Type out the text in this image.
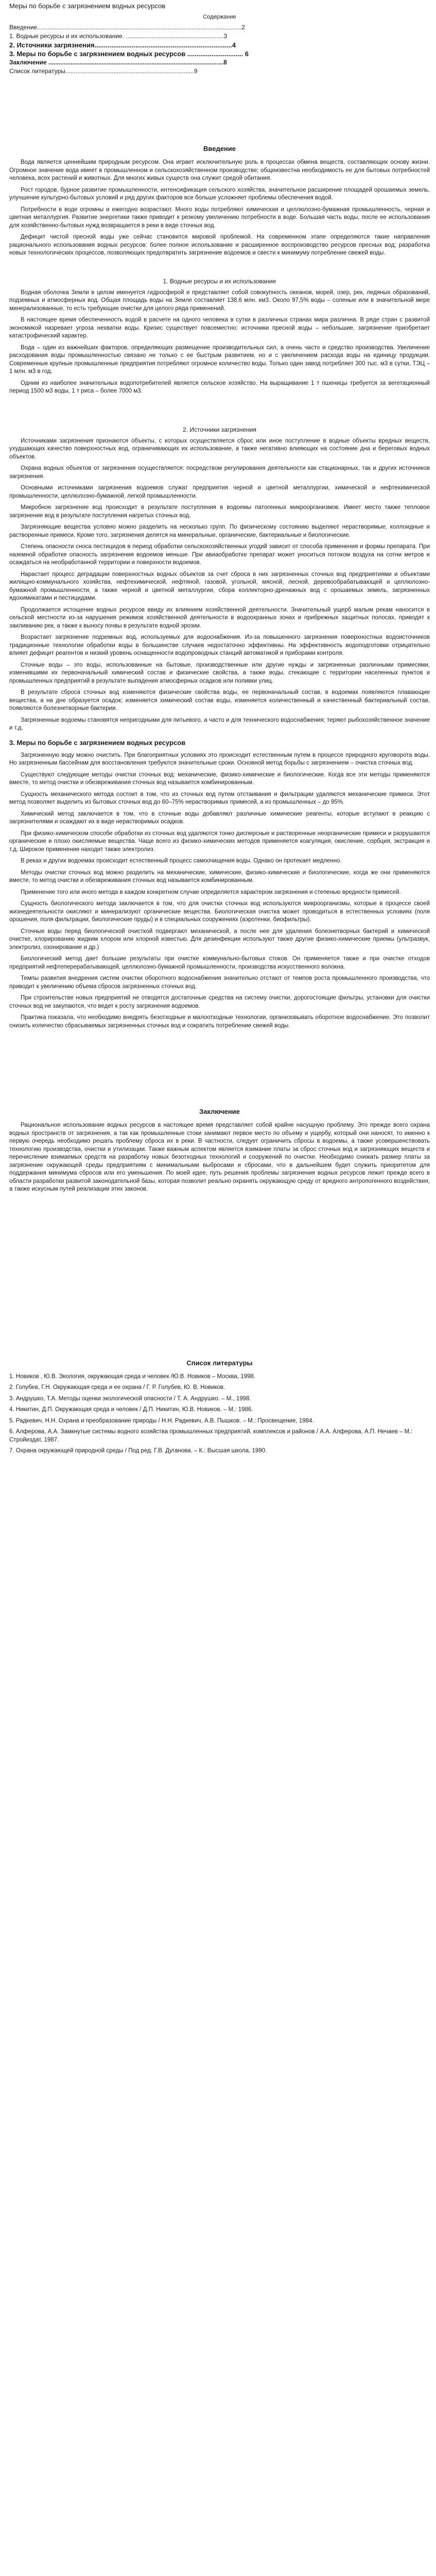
Меры по борьбе с загрязнением водных ресурсов
Содержание
Введение.......................................................................................................................2
1. Водные ресурсы и их использование. .........................................................3
2. Источники загрязнения..........................................................................4
3. Меры по борьбе с загрязнением водных ресурсов .............................. 6
Заключение ......................................................................................................8
Список литературы...........................................................................9
Введение

Вода является ценнейшим природным ресурсом. Она играет исключительную роль в процессах обмена веществ, составляющих основу жизни. Огромное значение вода имеет в промышленном и сельскохозяйственном производстве; общеизвестна необходимость ее для бытовых потребностей человека, всех растений и животных. Для многих живых существ она служит средой обитания.

Рост городов, бурное развитие промышленности, интенсификация сельского хозяйства, значительное расширение площадей орошаемых земель, улучшение культурно-бытовых условий и ряд других факторов все больше усложняет проблемы обеспечения водой.

Потребности в воде огромны и ежегодно возрастают. Много воды потребляют химическая и целлюлозно-бумажная промышленность, черная и цветная металлургия. Развитие энергетики также приводит к резкому увеличению потребности в воде. Большая часть воды, после ее использования для хозяйственно-бытовых нужд возвращается в реки в виде сточных вод.

Дефицит чистой пресной воды уже сейчас становится мировой проблемой. На современном этапе определяются такие направления рационального использования водных ресурсов: более полное использование и расширенное воспроизводство ресурсов пресных вод; разработка новых технологических процессов, позволяющих предотвратить загрязнение водоемов и свести к минимуму потребление свежей воды.

1. Водные ресурсы и их использование

Водная оболочка Земли в целом именуется гидросферой и представляет собой совокупность океанов, морей, озер, рек, ледяных образований, подземных и атмосферных вод. Общая площадь воды на Земле составляет 138,6 млн. км3. Около 97,5% воды – соленые или в значительной мере минерализованные, то есть требующие очистки для целого ряда применений.

В настоящее время обеспеченность водой в расчете на одного человека в сутки в различных странах мира различна. В ряде стран с развитой экономикой назревает угроза нехватки воды. Кризис существует повсеместно: источники пресной воды – небольшие, загрязнение приобретает катастрофический характер.

Вода – один из важнейших факторов, определяющих размещение производительных сил, а очень часто и средство производства. Увеличение расходования воды промышленностью связано не только с ее быстрым развитием, но и с увеличением расхода воды на единицу продукции. Современные крупные промышленные предприятия потребляют огромное количество воды. Только один завод потребляет 300 тыс. м3 в сутки, ТЭЦ – 1 млн. м3 в год.

Одним из наиболее значительных водопотребителей является сельское хозяйство. На выращивание 1 т пшеницы требуется за вегетационный период 1500 м3 воды, 1 т риса – более 7000 м3.

2. Источники загрязнения

Источниками загрязнения признаются объекты, с которых осуществляется сброс или иное поступление в водные объекты вредных веществ, ухудшающих качество поверхностных вод, ограничивающих их использование, а также негативно влияющих на состояние дна и береговых водных объектов.

Охрана водных объектов от загрязнения осуществляется: посредством регулирования деятельности как стационарных, так и других источников загрязнения.

Основными источниками загрязнения водоемов служат предприятия черной и цветной металлургии, химической и нефтехимической промышленности, целлюлозно-бумажной, легкой промышленности.

Микробное загрязнение вод происходит в результате поступления в водоемы патогенных микроорганизмов. Имеет место также тепловое загрязнение вод в результате поступления нагретых сточных вод.

Загрязняющие вещества условно можно разделить на несколько групп. По физическому состоянию выделяют нерастворимые, коллоидные и растворенные примеси. Кроме того, загрязнения делятся на минеральные, органические, бактериальные и биологические.

Степень опасности сноса пестицидов в период обработки сельскохозяйственных угодий зависит от способа применения и формы препарата. При наземной обработке опасность загрязнения водоемов меньше. При авиаобработке препарат может уноситься потоком воздуха на сотни метров и осаждаться на необработанной территории и поверхности водоемов.

Нарастает процесс деградации поверхностных водных объектов за счет сброса в них загрязненных сточных вод предприятиями и объектами жилищно-коммунального хозяйства, нефтехимической, нефтяной, газовой, угольной, мясной, лесной, деревообрабатывающей и целлюлозно-бумажной промышленности, а также черной и цветной металлургии, сбора коллекторно-дренажных вод с орошаемых земель, загрязненных ядохимикатами и пестицидами.

Продолжается истощение водных ресурсов ввиду их влиянием хозяйственной деятельности. Значительный ущерб малым рекам наносится в сельской местности из-за нарушения режимов хозяйственной деятельности в водоохранных зонах и прибрежных защитных полосах, приводят к заиливанию рек, а также к выносу почвы в результате водной эрозии.

Возрастает загрязнение подземных вод, используемых для водоснабжения. Из-за повышенного загрязнения поверхностных водоисточников традиционные технологии обработки воды в большинстве случаев недостаточно эффективны. На эффективность водоподготовки отрицательно влияет дефицит реагентов и низкий уровень оснащенности водопроводных станций автоматикой и приборами контроля.

Сточные воды – это воды, использованные на бытовые, производственные или другие нужды и загрязненные различными примесями, изменившими их первоначальный химический состав и физические свойства, а также воды, стекающие с территории населенных пунктов и промышленных предприятий в результате выпадения атмосферных осадков или поливки улиц.

В результате сброса сточных вод изменяются физические свойства воды, ее первоначальный состав, в водоемах появляются плавающие вещества, а на дне образуется осадок; изменяется химический состав воды, изменяется количественный и качественный бактериальный состав, появляются болезнетворные бактерии.

Загрязненные водоемы становятся непригодными для питьевого, а часто и для технического водоснабжения; теряют рыбохозяйственное значение и т.д.

3. Меры по борьбе с загрязнением водных ресурсов

Загрязненную воду можно очистить. При благоприятных условиях это происходит естественным путем в процессе природного круговорота воды. Но загрязненным бассейнам для восстановления требуются значительные сроки. Основной метод борьбы с загрязнением – очистка сточных вод.

Существуют следующие методы очистки сточных вод: механические, физико-химические и биологические. Когда все эти методы применяются вместе, то метод очистки и обезвреживания сточных вод называется комбинированным.

Сущность механического метода состоит в том, что из сточных вод путем отстаивания и фильтрации удаляются механические примеси. Этот метод позволяет выделить из бытовых сточных вод до 60–75% нерастворимых примесей, а из промышленных – до 95%.

Химический метод заключается в том, что в сточные воды добавляют различные химические реагенты, которые вступают в реакцию с загрязнителями и осаждают их в виде нерастворимых осадков.

При физико-химическом способе обработки из сточных вод удаляются тонко дисперсные и растворенные неорганические примеси и разрушаются органические и плохо окисляемые вещества. Чаще всего из физико-химических методов применяется коагуляция, окисление, сорбция, экстракция и т.д. Широкое применение находит также электролиз.

В реках и других водоемах происходит естественный процесс самоочищения воды. Однако он протекает медленно.

Методы очистки сточных вод можно разделить на механические, химические, физико-химические и биологические, когда же они применяются вместе, то метод очистки и обезвреживания сточных вод называется комбинированным.

Применение того или иного метода в каждом конкретном случае определяется характером загрязнения и степенью вредности примесей.

Сущность биологического метода заключается в том, что для очистки сточных вод используются микроорганизмы, которые в процессе своей жизнедеятельности окисляют и минерализуют органические вещества. Биологическая очистка может проводиться в естественных условиях (поля орошения, поля фильтрации, биологические пруды) и в специальных сооружениях (аэротенки, биофильтры).

Сточные воды перед биологической очисткой подвергают механической, а после нее для удаления болезнетворных бактерий и химической очистке, хлорированию жидким хлором или хлорной известью. Для дезинфекции используют также другие физико-химические приемы (ультразвук, электролиз, озонирование и др.)

Биологический метод дает большие результаты при очистке коммунально-бытовых стоков. Он применяется также и при очистке отходов предприятий нефтеперерабатывающей, целлюлозно-бумажной промышленности, производства искусственного волокна.

Темпы развития внедрения систем очистки оборотного водоснабжения значительно отстают от темпов роста промышленного производства, что приводит к увеличению объема сбросов загрязненных сточных вод.

При строительстве новых предприятий не отводятся достаточные средства на систему очистки, дорогостоящие фильтры, установки для очистки сточных вод не закупаются, что ведет к росту загрязнения водоемов.

Практика показала, что необходимо внедрять безотходные и малоотходные технологии, организовывать оборотное водоснабжение. Это позволит снизить количество сбрасываемых загрязненных сточных вод и сократить потребление свежей воды.

Заключение

Рациональное использование водных ресурсов в настоящее время представляет собой крайне насущную проблему. Это прежде всего охрана водных пространств от загрязнения, а так как промышленные стоки занимают первое место по объему и ущербу, который они наносят, то именно к первую очередь необходимо решать проблему сброса их в реки. В частности, следует ограничить сбросы в водоемы, а также усовершенствовать технологию производства, очистки и утилизации. Также важным аспектом является взимание платы за сброс сточных вод и загрязняющих веществ и перечисление взимаемых средств на разработку новых безотходных технологий и сооружений по очистке. Необходимо снижать размер платы за загрязнение окружающей среды предприятиям с минимальными выбросами и сбросами, что в дальнейшем будет служить приоритетом для поддержания минимума сбросов или его уменьшения. По моей идее, путь решения проблемы загрязнения водных ресурсов лежит прежде всего в области разработки развитой законодательной базы, которая позволит реально охранять окружающую среду от вредного антропогенного воздействия, а также искусным путей реализации этих законов.

Список литературы
1. Новиков , Ю.В. Экология, окружающая среда и человек /Ю.В. Новиков – Москва, 1998.
2. Голубев, Г.Н. Окружающая среда и ее охрана / Г. Р. Голубев, Ю. В. Новиков.
3. Андрушко, Т.А. Методы оценки экологической опасности / Т. А. Андрушко. – М., 1998.
4. Никитин, Д.П. Окружающая среда и человек / Д.П. Никитин, Ю.В. Новиков. – М.: 1986.
5. Радкевич, Н.Н. Охрана и преобразование природы / Н.Н. Радкевич, А.В. Пышков. – М.: Просвещение, 1984.
6. Алферова, А.А. Замкнутые системы водного хозяйства промышленных предприятий, комплексов и районов / А.А. Алферова, А.П. Нечаев – М.: Стройиздат, 1987.
7. Охрана окружающей природной среды / Под ред. Г.В. Дуганова. – К.: Высшая школа, 1990.
